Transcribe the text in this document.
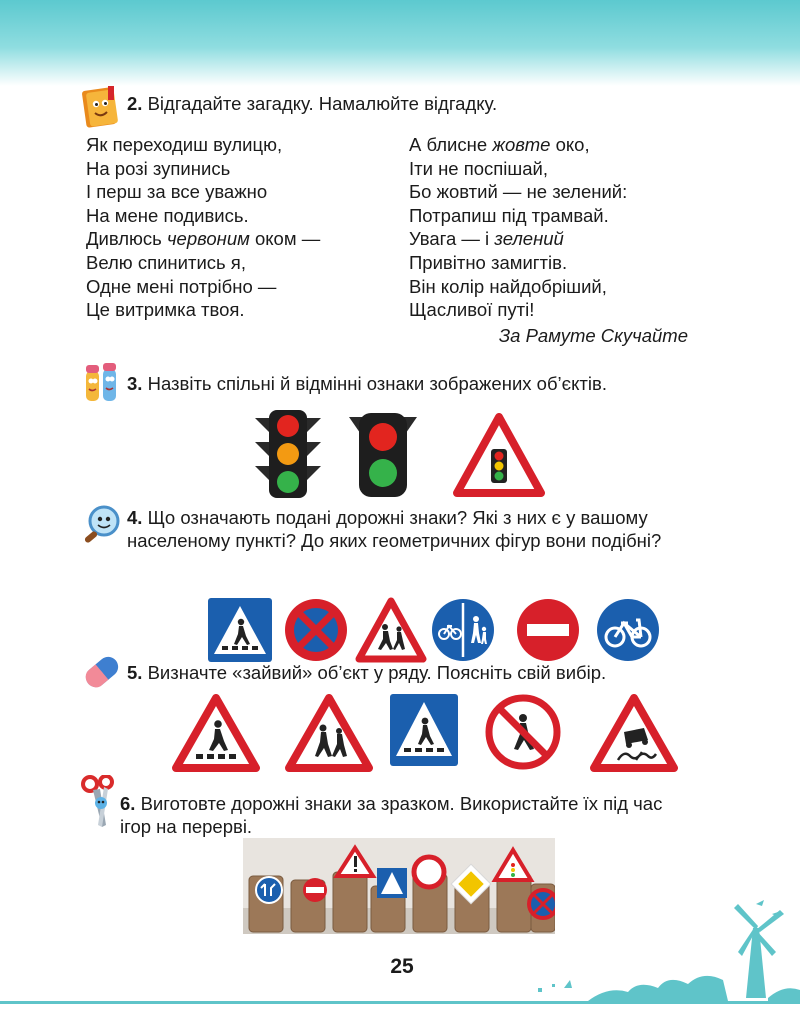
2. Відгадайте загадку. Намалюйте відгадку.
Як переходиш вулицю,
На розі зупинись
І перш за все уважно
На мене подивись.
Дивлюсь червоним оком —
Велю спинитись я,
Одне мені потрібно —
Це витримка твоя.
А блисне жовте око,
Іти не поспішай,
Бо жовтий — не зелений:
Потрапиш під трамвай.
Увага — і зелений
Привітно замигтів.
Він колір найдобріший,
Щасливої путі!
За Рамуте Скучайте
3. Назвіть спільні й відмінні ознаки зображених об’єктів.
4. Що означають подані дорожні знаки? Які з них є у вашому населеному пункті? До яких геометричних фігур вони подібні?
5. Визначте «зайвий» об’єкт у ряду. Поясніть свій вибір.
6. Виготовте дорожні знаки за зразком. Використайте їх під час ігор на перерві.
25
